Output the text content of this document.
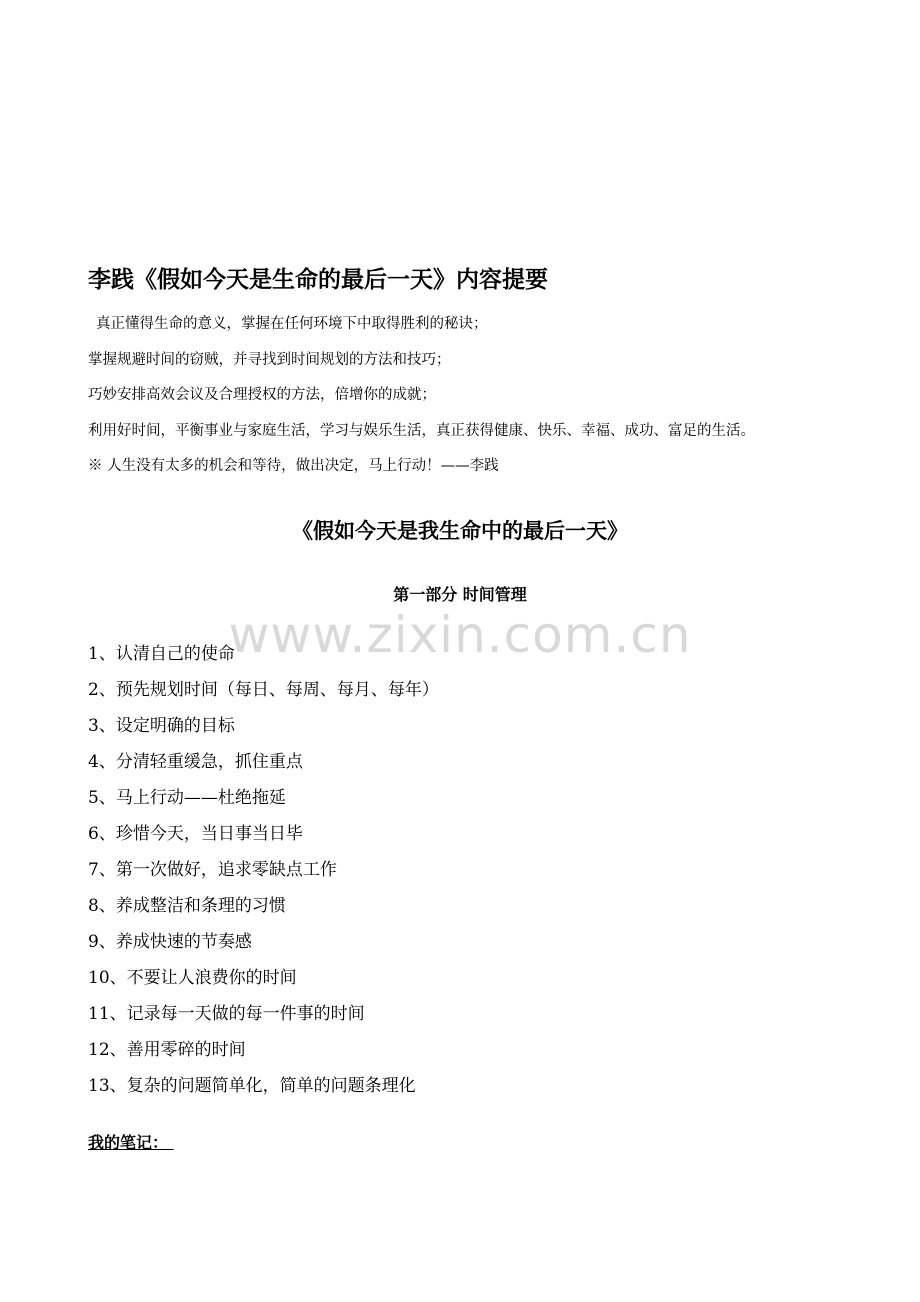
李践《假如今天是生命的最后一天》内容提要
真正懂得生命的意义，掌握在任何环境下中取得胜利的秘诀；
掌握规避时间的窃贼，并寻找到时间规划的方法和技巧；
巧妙安排高效会议及合理授权的方法，倍增你的成就；
利用好时间，平衡事业与家庭生活，学习与娱乐生活，真正获得健康、快乐、幸福、成功、富足的生活。
※ 人生没有太多的机会和等待，做出决定，马上行动！——李践
《假如今天是我生命中的最后一天》
第一部分 时间管理
www.zixin.com.cn
1、认清自己的使命
2、预先规划时间（每日、每周、每月、每年）
3、设定明确的目标
4、分清轻重缓急，抓住重点
5、马上行动——杜绝拖延
6、珍惜今天，当日事当日毕
7、第一次做好，追求零缺点工作
8、养成整洁和条理的习惯
9、养成快速的节奏感
10、不要让人浪费你的时间
11、记录每一天做的每一件事的时间
12、善用零碎的时间
13、复杂的问题简单化，简单的问题条理化
我的笔记：
